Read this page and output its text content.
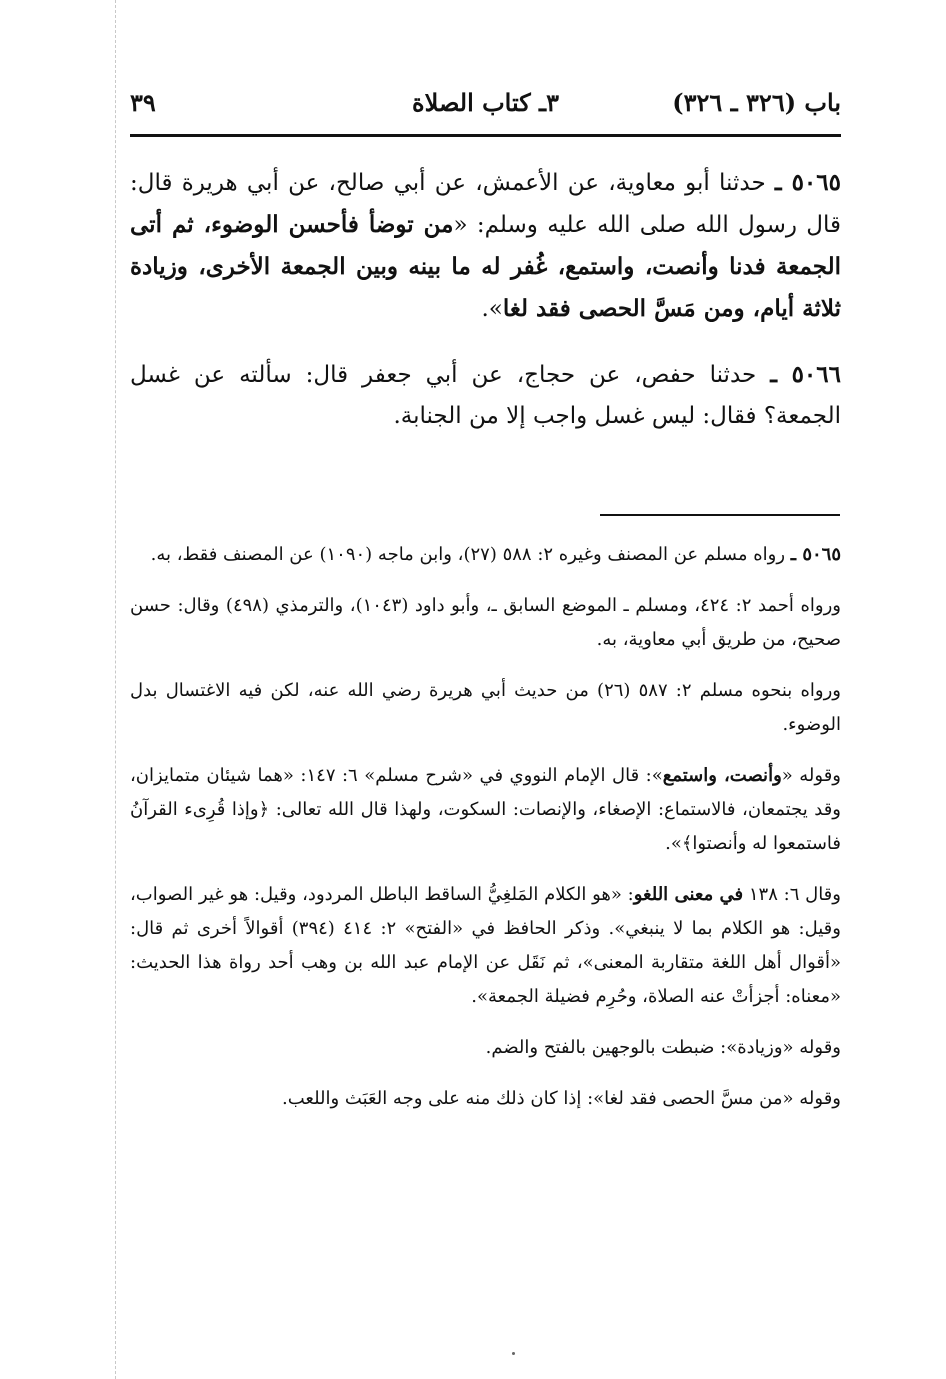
باب (٣٢٦ ـ ٣٢٦)
٣ـ كتاب الصلاة
٣٩

٥٠٦٥ ـ حدثنا أبو معاوية، عن الأعمش، عن أبي صالح، عن أبي هريرة قال: قال رسول الله صلى الله عليه وسلم: «من توضأ فأحسن الوضوء، ثم أتى الجمعة فدنا وأنصت، واستمع، غُفر له ما بينه وبين الجمعة الأخرى، وزيادة ثلاثة أيام، ومن مَسَّ الحصى فقد لغا».

٥٠٦٦ ـ حدثنا حفص، عن حجاج، عن أبي جعفر قال: سألته عن غسل الجمعة؟ فقال: ليس غسل واجب إلا من الجنابة.

٥٠٦٥ ـ رواه مسلم عن المصنف وغيره ٢: ٥٨٨ (٢٧)، وابن ماجه (١٠٩٠) عن المصنف فقط، به.

ورواه أحمد ٢: ٤٢٤، ومسلم ـ الموضع السابق ـ، وأبو داود (١٠٤٣)، والترمذي (٤٩٨) وقال: حسن صحيح، من طريق أبي معاوية، به.

ورواه بنحوه مسلم ٢: ٥٨٧ (٢٦) من حديث أبي هريرة رضي الله عنه، لكن فيه الاغتسال بدل الوضوء.

وقوله «وأنصت، واستمع»: قال الإمام النووي في «شرح مسلم» ٦: ١٤٧: «هما شيئان متمايزان، وقد يجتمعان، فالاستماع: الإصغاء، والإنصات: السكوت، ولهذا قال الله تعالى: ﴿وإذا قُرِىء القرآنُ فاستمعوا له وأنصتوا﴾».

وقال ٦: ١٣٨ في معنى اللغو: «هو الكلام المَلغِيُّ الساقط الباطل المردود، وقيل: هو غير الصواب، وقيل: هو الكلام بما لا ينبغي». وذكر الحافظ في «الفتح» ٢: ٤١٤ (٣٩٤) أقوالاً أخرى ثم قال: «أقوال أهل اللغة متقاربة المعنى»، ثم نَقَل عن الإمام عبد الله بن وهب أحد رواة هذا الحديث: «معناه: أجزأتْ عنه الصلاة، وحُرِم فضيلة الجمعة».

وقوله «وزيادة»: ضبطت بالوجهين بالفتح والضم.

وقوله «من مسَّ الحصى فقد لغا»: إذا كان ذلك منه على وجه العَبَث واللعب.
